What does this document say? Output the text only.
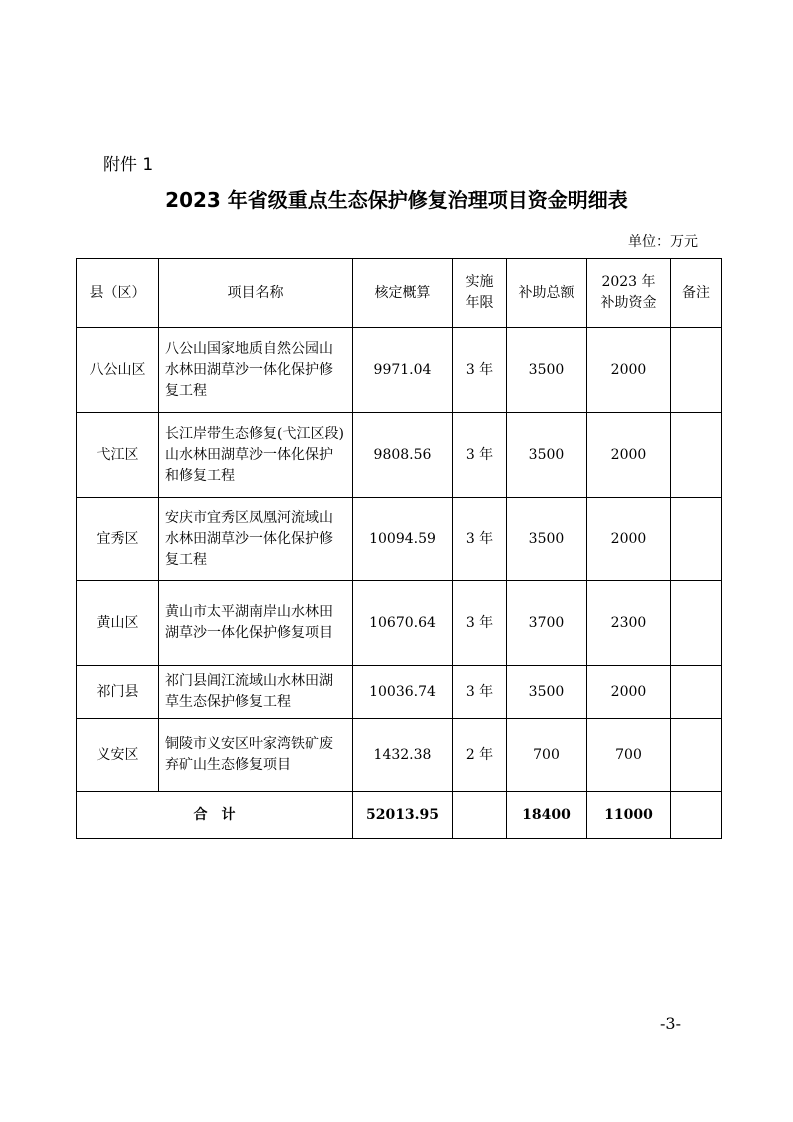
附件 1
2023 年省级重点生态保护修复治理项目资金明细表
单位：万元
县（区）	项目名称	核定概算	实施年限	补助总额	2023 年补助资金	备注
八公山区	八公山国家地质自然公园山水林田湖草沙一体化保护修复工程	9971.04	3 年	3500	2000	
弋江区	长江岸带生态修复(弋江区段)山水林田湖草沙一体化保护和修复工程	9808.56	3 年	3500	2000	
宜秀区	安庆市宜秀区凤凰河流域山水林田湖草沙一体化保护修复工程	10094.59	3 年	3500	2000	
黄山区	黄山市太平湖南岸山水林田湖草沙一体化保护修复项目	10670.64	3 年	3700	2300	
祁门县	祁门县阊江流域山水林田湖草生态保护修复工程	10036.74	3 年	3500	2000	
义安区	铜陵市义安区叶家湾铁矿废弃矿山生态修复项目	1432.38	2 年	700	700	
合　计		52013.95		18400	11000	
-3-
